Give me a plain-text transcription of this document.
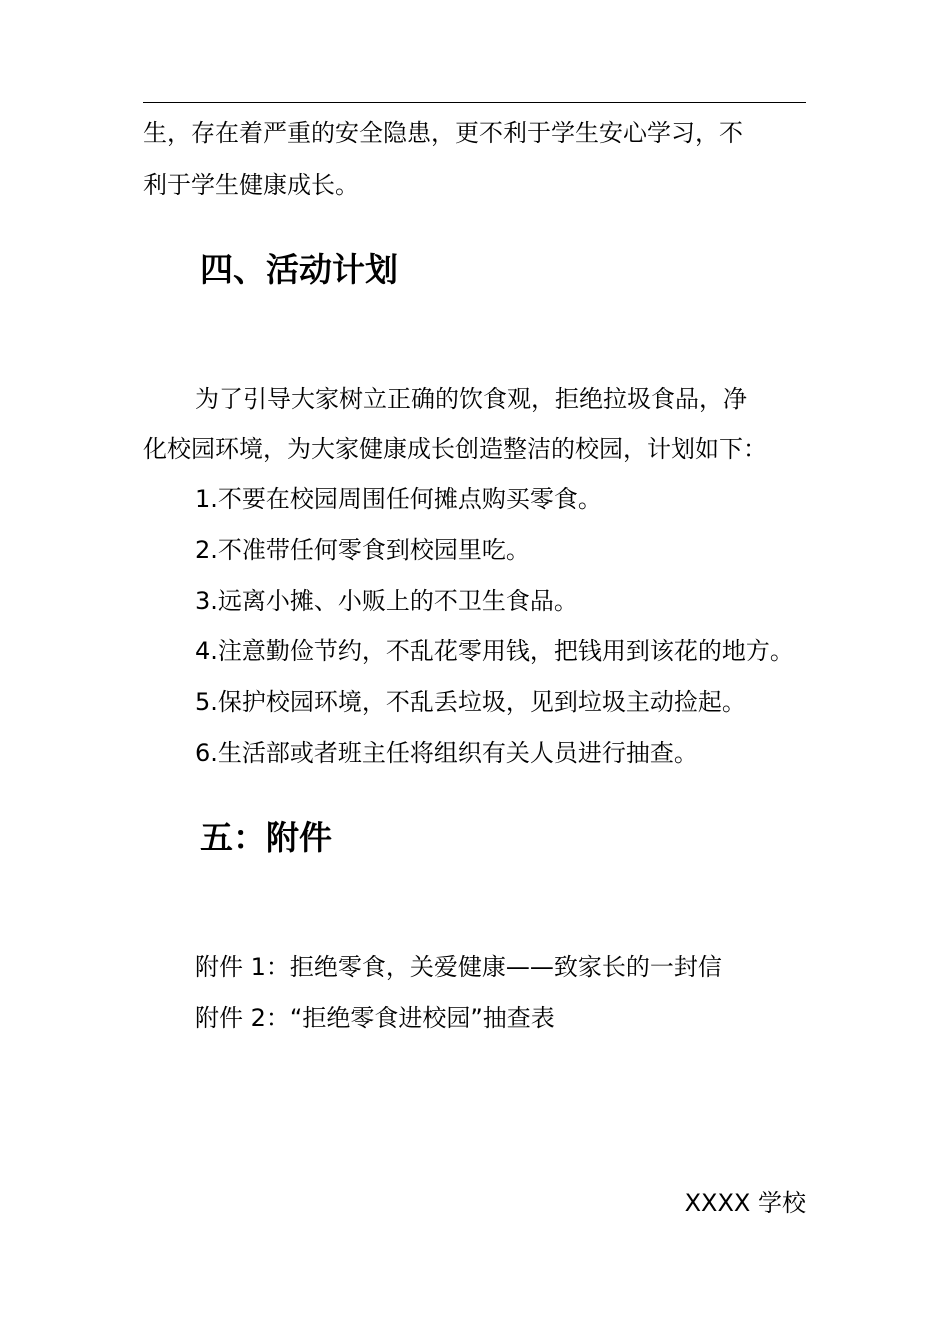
生，存在着严重的安全隐患，更不利于学生安心学习，不
利于学生健康成长。
四、活动计划
为了引导大家树立正确的饮食观，拒绝拉圾食品，净
化校园环境，为大家健康成长创造整洁的校园，计划如下：
1.不要在校园周围任何摊点购买零食。
2.不准带任何零食到校园里吃。
3.远离小摊、小贩上的不卫生食品。
4.注意勤俭节约，不乱花零用钱，把钱用到该花的地方。
5.保护校园环境，不乱丢垃圾，见到垃圾主动捡起。
6.生活部或者班主任将组织有关人员进行抽查。
五：附件
附件 1：拒绝零食，关爱健康——致家长的一封信
附件 2：“拒绝零食进校园”抽查表
XXXX 学校
